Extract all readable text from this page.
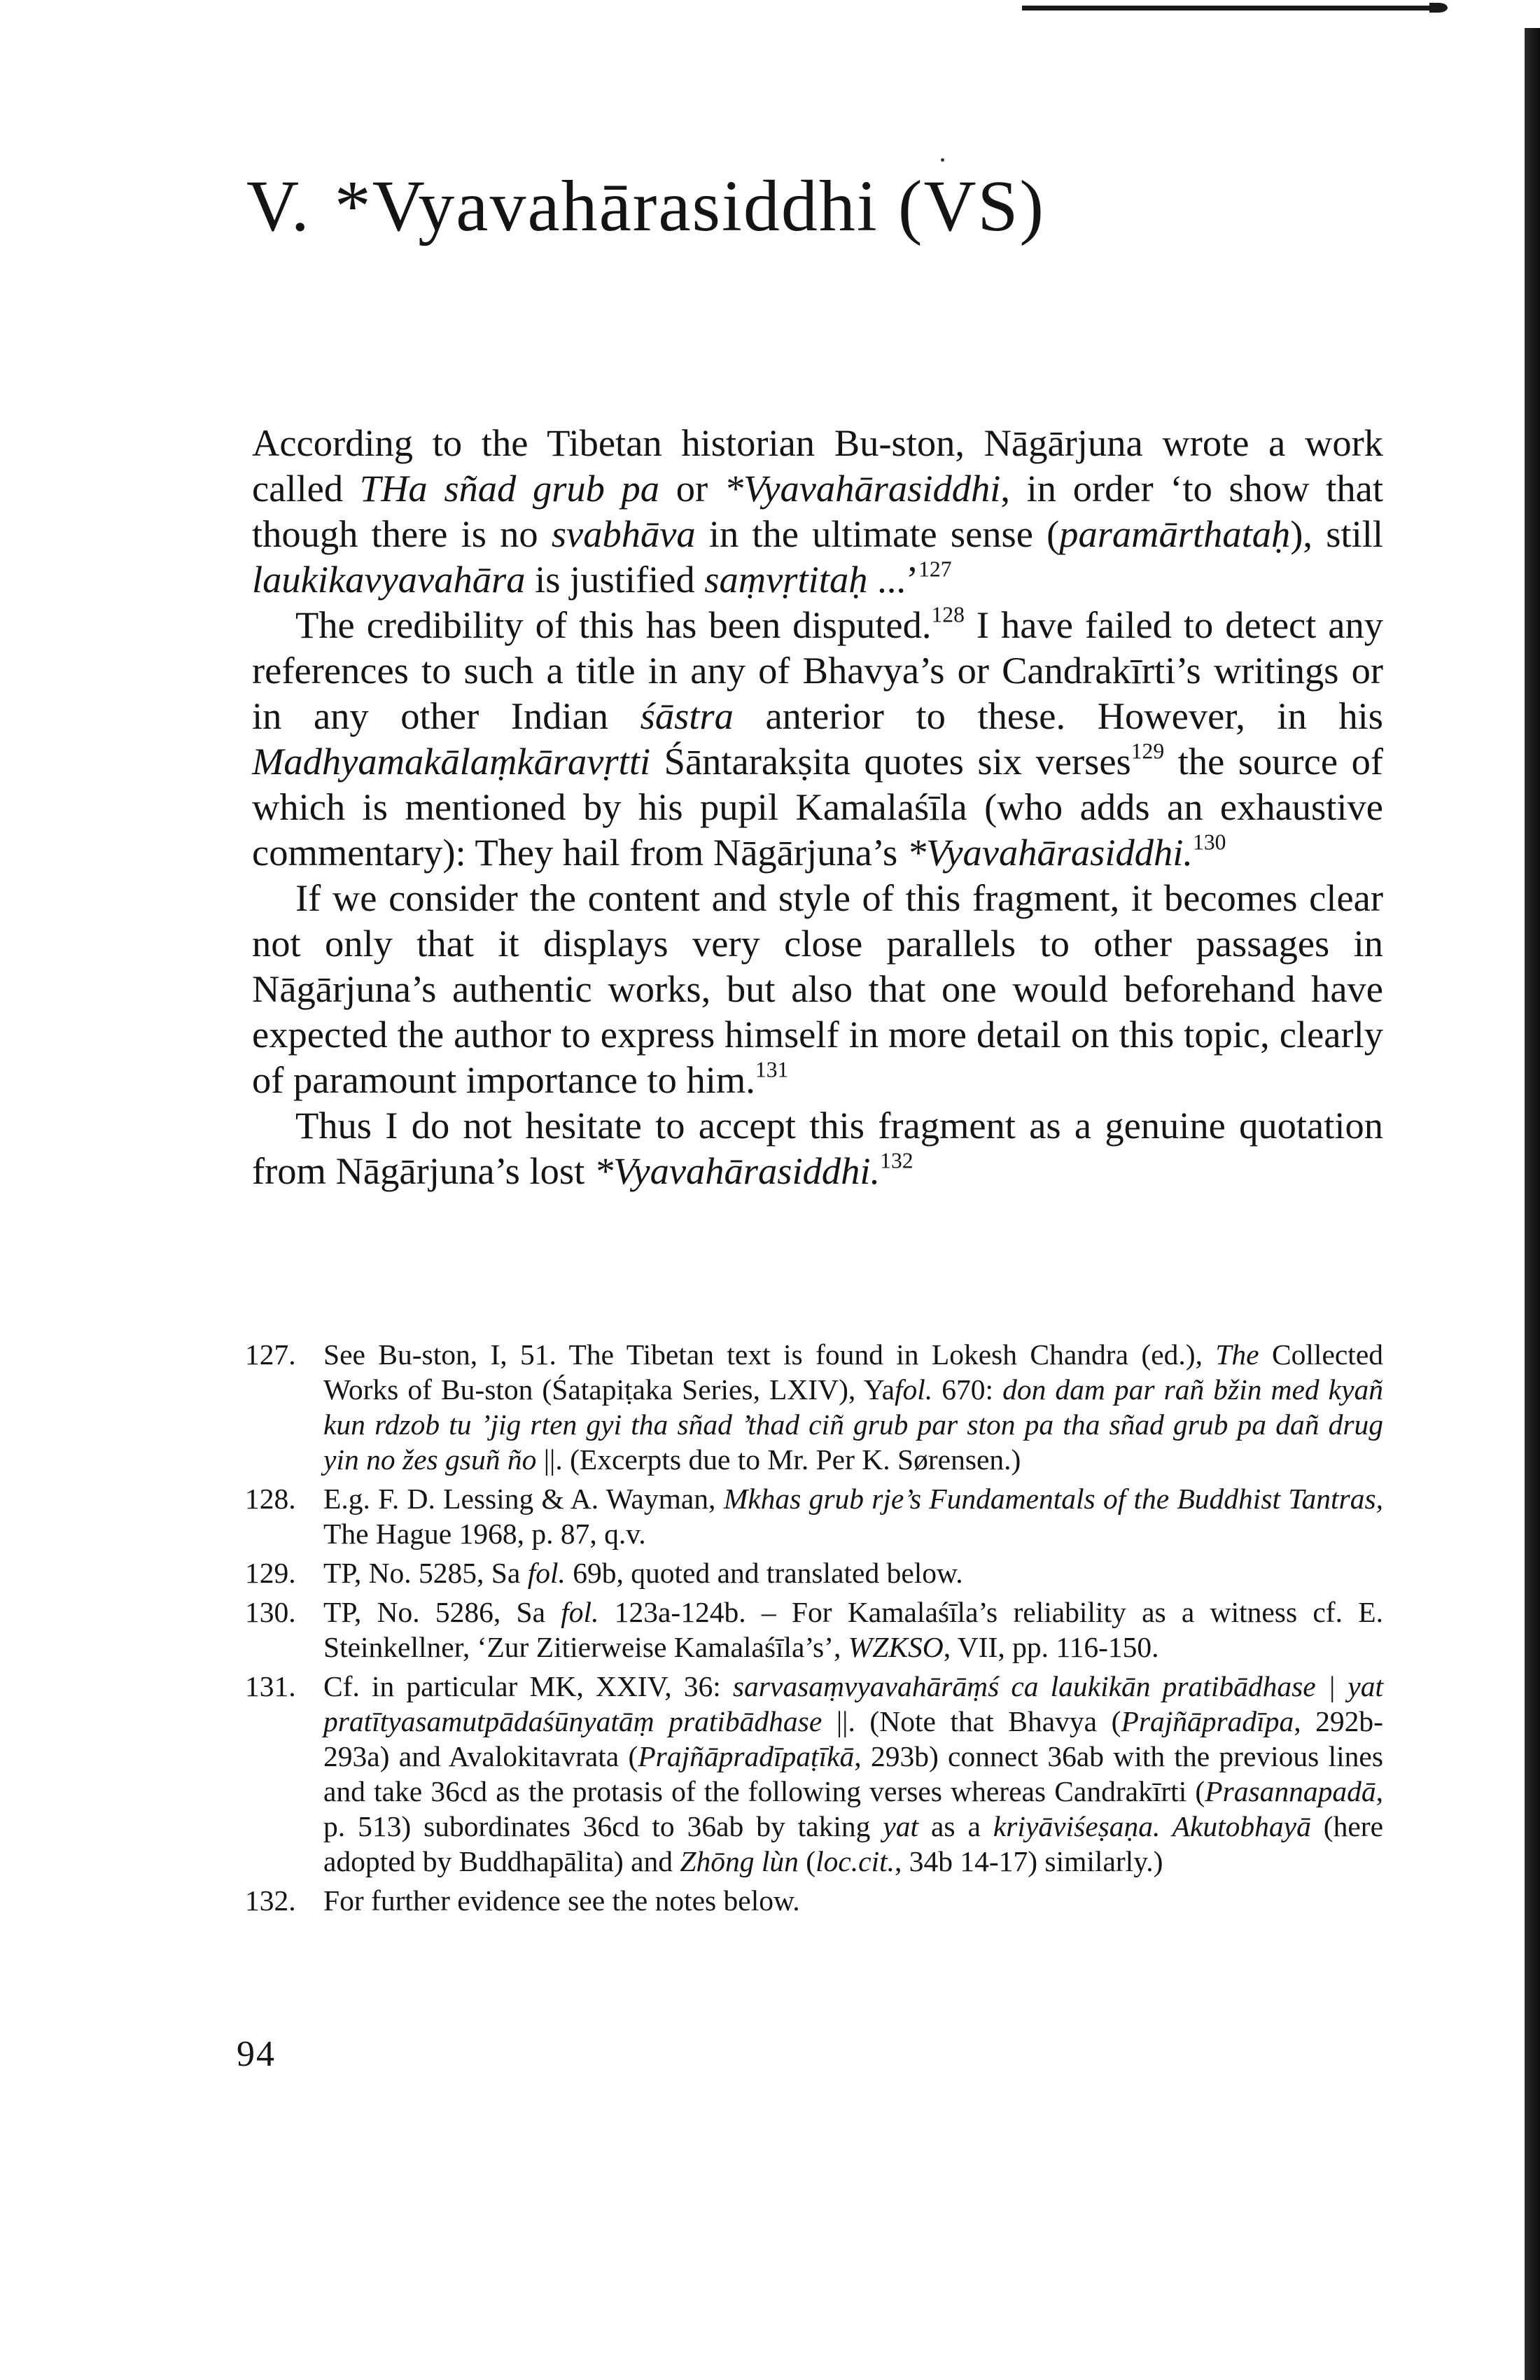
V. *Vyavahārasiddhi (VS)

According to the Tibetan historian Bu-ston, Nāgārjuna wrote a work called THa sñad grub pa or *Vyavahārasiddhi, in order ‘to show that though there is no svabhāva in the ultimate sense (paramārthataḥ), still laukikavyavahāra is justified saṃvṛtitaḥ ...’$^{127}$

The credibility of this has been disputed.$^{128}$ I have failed to detect any references to such a title in any of Bhavya’s or Candrakīrti’s writings or in any other Indian śāstra anterior to these. However, in his Madhyamakālaṃkāravṛtti Śāntarakṣita quotes six verses$^{129}$ the source of which is mentioned by his pupil Kamalaśīla (who adds an exhaustive commentary): They hail from Nāgārjuna’s *Vyavahārasiddhi.$^{130}$

If we consider the content and style of this fragment, it becomes clear not only that it displays very close parallels to other passages in Nāgārjuna’s authentic works, but also that one would beforehand have expected the author to express himself in more detail on this topic, clearly of paramount importance to him.$^{131}$

Thus I do not hesitate to accept this fragment as a genuine quotation from Nāgārjuna’s lost *Vyavahārasiddhi.$^{132}$

127. See Bu-ston, I, 51. The Tibetan text is found in Lokesh Chandra (ed.), The Collected Works of Bu-ston (Śatapiṭaka Series, LXIV), Yafol. 670: don dam par rañ bžin med kyañ kun rdzob tu ’jig rten gyi tha sñad ’thad ciñ grub par ston pa tha sñad grub pa dañ drug yin no žes gsuñ ño ||. (Excerpts due to Mr. Per K. Sørensen.)
128. E.g. F. D. Lessing & A. Wayman, Mkhas grub rje’s Fundamentals of the Buddhist Tantras, The Hague 1968, p. 87, q.v.
129. TP, No. 5285, Sa fol. 69b, quoted and translated below.
130. TP, No. 5286, Sa fol. 123a-124b. – For Kamalaśīla’s reliability as a witness cf. E. Steinkellner, ‘Zur Zitierweise Kamalaśīla’s’, WZKSO, VII, pp. 116-150.
131. Cf. in particular MK, XXIV, 36: sarvasaṃvyavahārāṃś ca laukikān pratibādhase | yat pratītyasamutpādaśūnyatāṃ pratibādhase ||. (Note that Bhavya (Prajñāpradīpa, 292b-293a) and Avalokitavrata (Prajñāpradīpaṭīkā, 293b) connect 36ab with the previous lines and take 36cd as the protasis of the following verses whereas Candrakīrti (Prasannapadā, p. 513) subordinates 36cd to 36ab by taking yat as a kriyāviśeṣaṇa. Akutobhayā (here adopted by Buddhapālita) and Zhōng lùn (loc.cit., 34b 14-17) similarly.)
132. For further evidence see the notes below.
94
